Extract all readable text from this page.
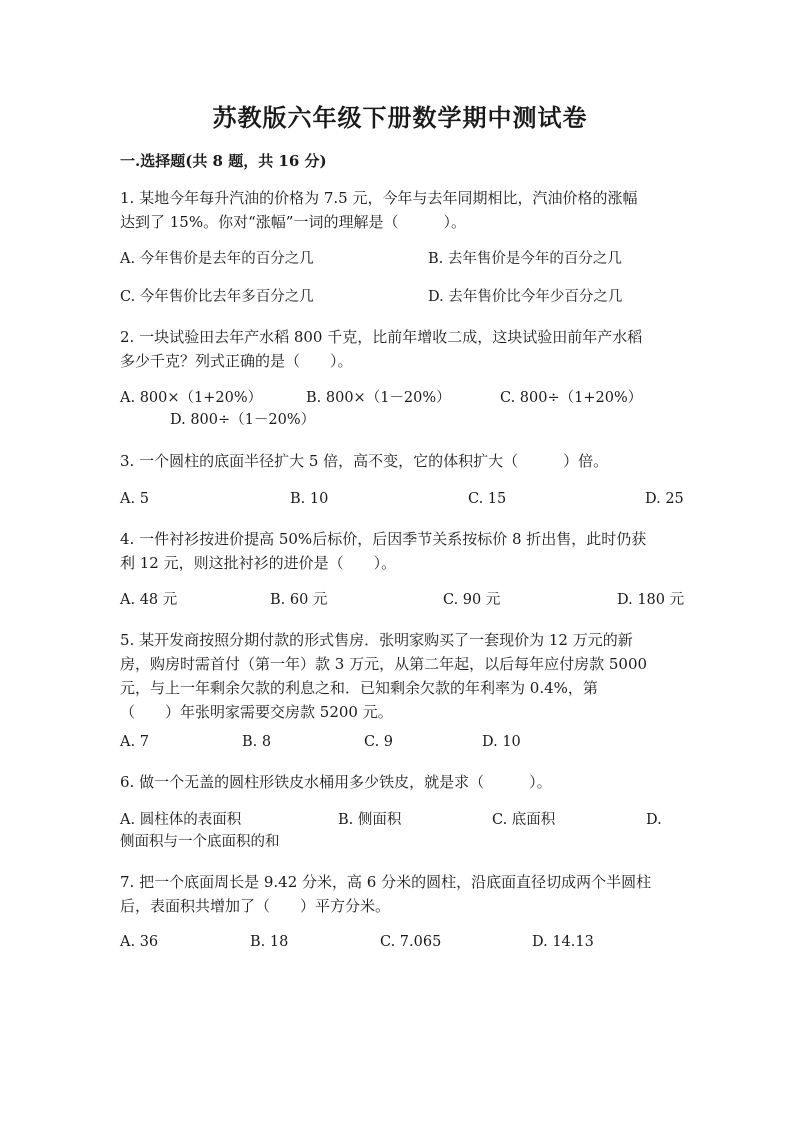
苏教版六年级下册数学期中测试卷
一.选择题(共 8 题，共 16 分)
1. 某地今年每升汽油的价格为 7.5 元，今年与去年同期相比，汽油价格的涨幅
达到了 15%。你对“涨幅”一词的理解是（　　　）。
A. 今年售价是去年的百分之几	B. 去年售价是今年的百分之几
C. 今年售价比去年多百分之几	D. 去年售价比今年少百分之几
2. 一块试验田去年产水稻 800 千克，比前年增收二成，这块试验田前年产水稻
多少千克？列式正确的是（　　）。
A. 800×（1+20%）	B. 800×（1－20%）	C. 800÷（1+20%）
D. 800÷（1－20%）
3. 一个圆柱的底面半径扩大 5 倍，高不变，它的体积扩大（　　　）倍。
A. 5	B. 10	C. 15	D. 25
4. 一件衬衫按进价提高 50%后标价，后因季节关系按标价 8 折出售，此时仍获
利 12 元，则这批衬衫的进价是（　　）。
A. 48 元	B. 60 元	C. 90 元	D. 180 元
5. 某开发商按照分期付款的形式售房．张明家购买了一套现价为 12 万元的新
房，购房时需首付（第一年）款 3 万元，从第二年起，以后每年应付房款 5000
元，与上一年剩余欠款的利息之和．已知剩余欠款的年利率为 0.4%，第
（　　）年张明家需要交房款 5200 元。
A. 7	B. 8	C. 9	D. 10
6. 做一个无盖的圆柱形铁皮水桶用多少铁皮，就是求（　　　）。
A. 圆柱体的表面积	B. 侧面积	C. 底面积	D. 侧面积与一个底面积的和
7. 把一个底面周长是 9.42 分米，高 6 分米的圆柱，沿底面直径切成两个半圆柱
后，表面积共增加了（　　）平方分米。
A. 36	B. 18	C. 7.065	D. 14.13
